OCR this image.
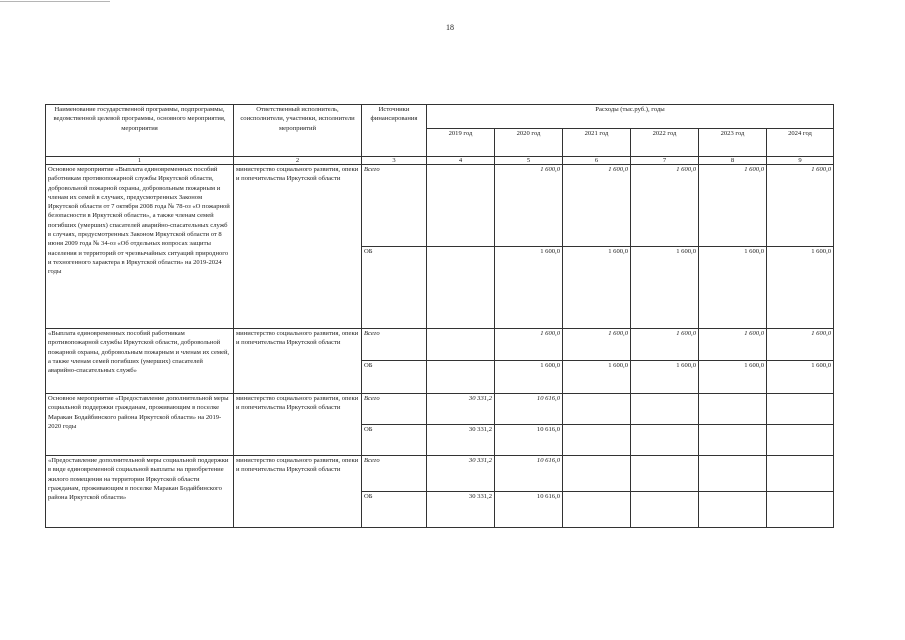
18
Наименование государственной программы, подпрограммы, ведомственной целевой программы, основного мероприятия, мероприятия	Ответственный исполнитель, соисполнители, участники, исполнители мероприятий	Источники финансирования	Расходы (тыс.руб.), годы					
			2019 год	2020 год	2021 год	2022 год	2023 год	2024 год
1	2	3	4	5	6	7	8	9
Основное мероприятие «Выплата единовременных пособий работникам противопожарной службы Иркутской области, добровольной пожарной охраны, добровольным пожарным и членам их семей в случаях, предусмотренных Законом Иркутской области от 7 октября 2008 года № 78-оз «О пожарной безопасности в Иркутской области», а также членам семей погибших (умерших) спасателей аварийно-спасательных служб в случаях, предусмотренных Законом Иркутской области от 8 июня 2009 года № 34-оз «Об отдельных вопросах защиты населения и территорий от чрезвычайных ситуаций природного и техногенного характера в Иркутской области» на 2019-2024 годы	министерство социального развития, опеки и попечительства Иркутской области	Всего		1 600,0	1 600,0	1 600,0	1 600,0	1 600,0
		ОБ		1 600,0	1 600,0	1 600,0	1 600,0	1 600,0
«Выплата единовременных пособий работникам противопожарной службы Иркутской области, добровольной пожарной охраны, добровольным пожарным и членам их семей, а также членам семей погибших (умерших) спасателей аварийно-спасательных служб»	министерство социального развития, опеки и попечительства Иркутской области	Всего		1 600,0	1 600,0	1 600,0	1 600,0	1 600,0
		ОБ		1 600,0	1 600,0	1 600,0	1 600,0	1 600,0
Основное мероприятие «Предоставление дополнительной меры социальной поддержки гражданам, проживающим в поселке Маракан Бодайбинского района Иркутской области» на 2019-2020 годы	министерство социального развития, опеки и попечительства Иркутской области	Всего	30 331,2	10 616,0				
		ОБ	30 331,2	10 616,0				
«Предоставление дополнительной меры социальной поддержки в виде единовременной социальной выплаты на приобретение жилого помещения на территории Иркутской области гражданам, проживающим в поселке Маракан Бодайбинского района Иркутской области»	министерство социального развития, опеки и попечительства Иркутской области	Всего	30 331,2	10 616,0				
		ОБ	30 331,2	10 616,0				
